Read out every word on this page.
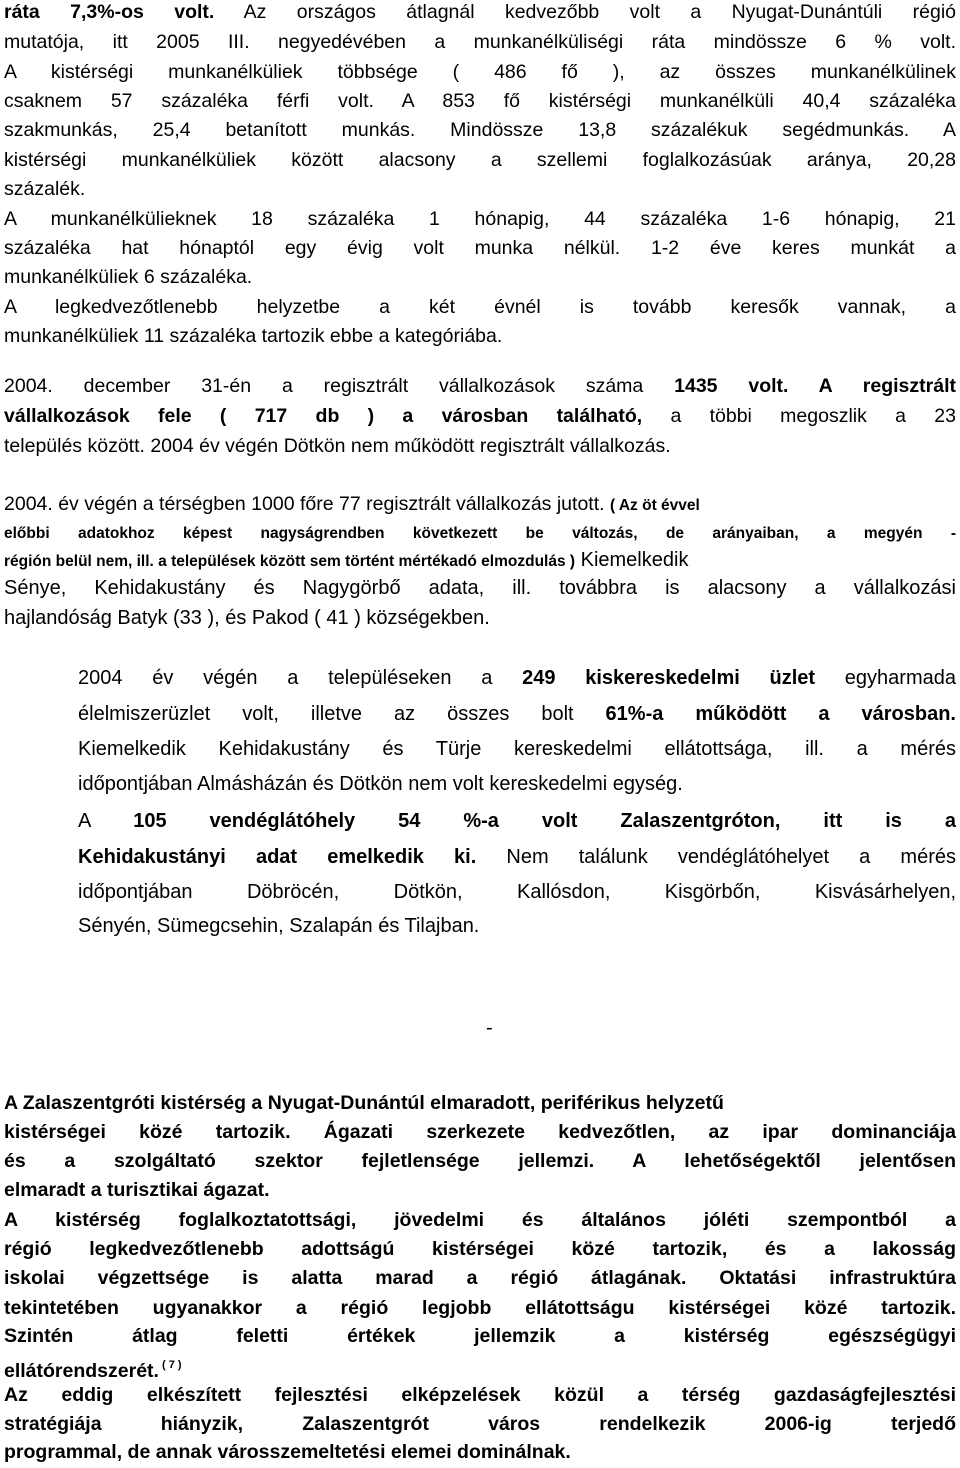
ráta 7,3%-os volt. Az országos átlagnál kedvezőbb volt a Nyugat-Dunántúli régió
mutatója, itt 2005 III. negyedévében a munkanélküliségi ráta mindössze 6 % volt.
A kistérségi munkanélküliek többsége ( 486 fő ), az összes munkanélkülinek
csaknem 57 százaléka férfi volt. A 853 fő kistérségi munkanélküli 40,4 százaléka
szakmunkás, 25,4 betanított munkás. Mindössze 13,8 százalékuk segédmunkás. A
kistérségi munkanélküliek között alacsony a szellemi foglalkozásúak aránya, 20,28
százalék.
A munkanélkülieknek 18 százaléka 1 hónapig, 44 százaléka 1-6 hónapig, 21
százaléka hat hónaptól egy évig volt munka nélkül. 1-2 éve keres munkát a
munkanélküliek 6 százaléka.
A legkedvezőtlenebb helyzetbe a két évnél is tovább keresők vannak, a
munkanélküliek 11 százaléka tartozik ebbe a kategóriába.
2004. december 31-én a regisztrált vállalkozások száma 1435 volt. A regisztrált
vállalkozások fele ( 717 db ) a városban található, a többi megoszlik a 23
település között. 2004 év végén Dötkön nem működött regisztrált vállalkozás.
2004. év végén a térségben 1000 főre 77 regisztrált vállalkozás jutott. ( Az öt évvel
előbbi adatokhoz képest nagyságrendben következett be változás, de arányaiban, a megyén -
régión belül nem, ill. a települések között sem történt mértékadó elmozdulás ) Kiemelkedik
Sénye, Kehidakustány és Nagygörbő adata, ill. továbbra is alacsony a vállalkozási
hajlandóság Batyk (33 ), és Pakod ( 41 ) községekben.
2004 év végén a településeken a 249 kiskereskedelmi üzlet egyharmada
élelmiszerüzlet volt, illetve az összes bolt 61%-a működött a városban.
Kiemelkedik Kehidakustány és Türje kereskedelmi ellátottsága, ill. a mérés
időpontjában Almásházán és Dötkön nem volt kereskedelmi egység.
A 105 vendéglátóhely 54 %-a volt Zalaszentgróton, itt is a
Kehidakustányi adat emelkedik ki. Nem találunk vendéglátóhelyet a mérés
időpontjában Döbröcén, Dötkön, Kallósdon, Kisgörbőn, Kisvásárhelyen,
Sényén, Sümegcsehin, Szalapán és Tilajban.
-
A Zalaszentgróti kistérség a Nyugat-Dunántúl elmaradott, periférikus helyzetű
kistérségei közé tartozik. Ágazati szerkezete kedvezőtlen, az ipar dominanciája
és a szolgáltató szektor fejletlensége jellemzi. A lehetőségektől jelentősen
elmaradt a turisztikai ágazat.
A kistérség foglalkoztatottsági, jövedelmi és általános jóléti szempontból a
régió legkedvezőtlenebb adottságú kistérségei közé tartozik, és a lakosság
iskolai végzettsége is alatta marad a régió átlagának. Oktatási infrastruktúra
tekintetében ugyanakkor a régió legjobb ellátottságu kistérségei közé tartozik.
Szintén átlag feletti értékek jellemzik a kistérség egészségügyi
ellátórendszerét. $^{( 7 )}$
Az eddig elkészített fejlesztési elképzelések közül a térség gazdaságfejlesztési
stratégiája hiányzik, Zalaszentgrót város rendelkezik 2006-ig terjedő
programmal, de annak városszemeltetési elemei dominálnak.
